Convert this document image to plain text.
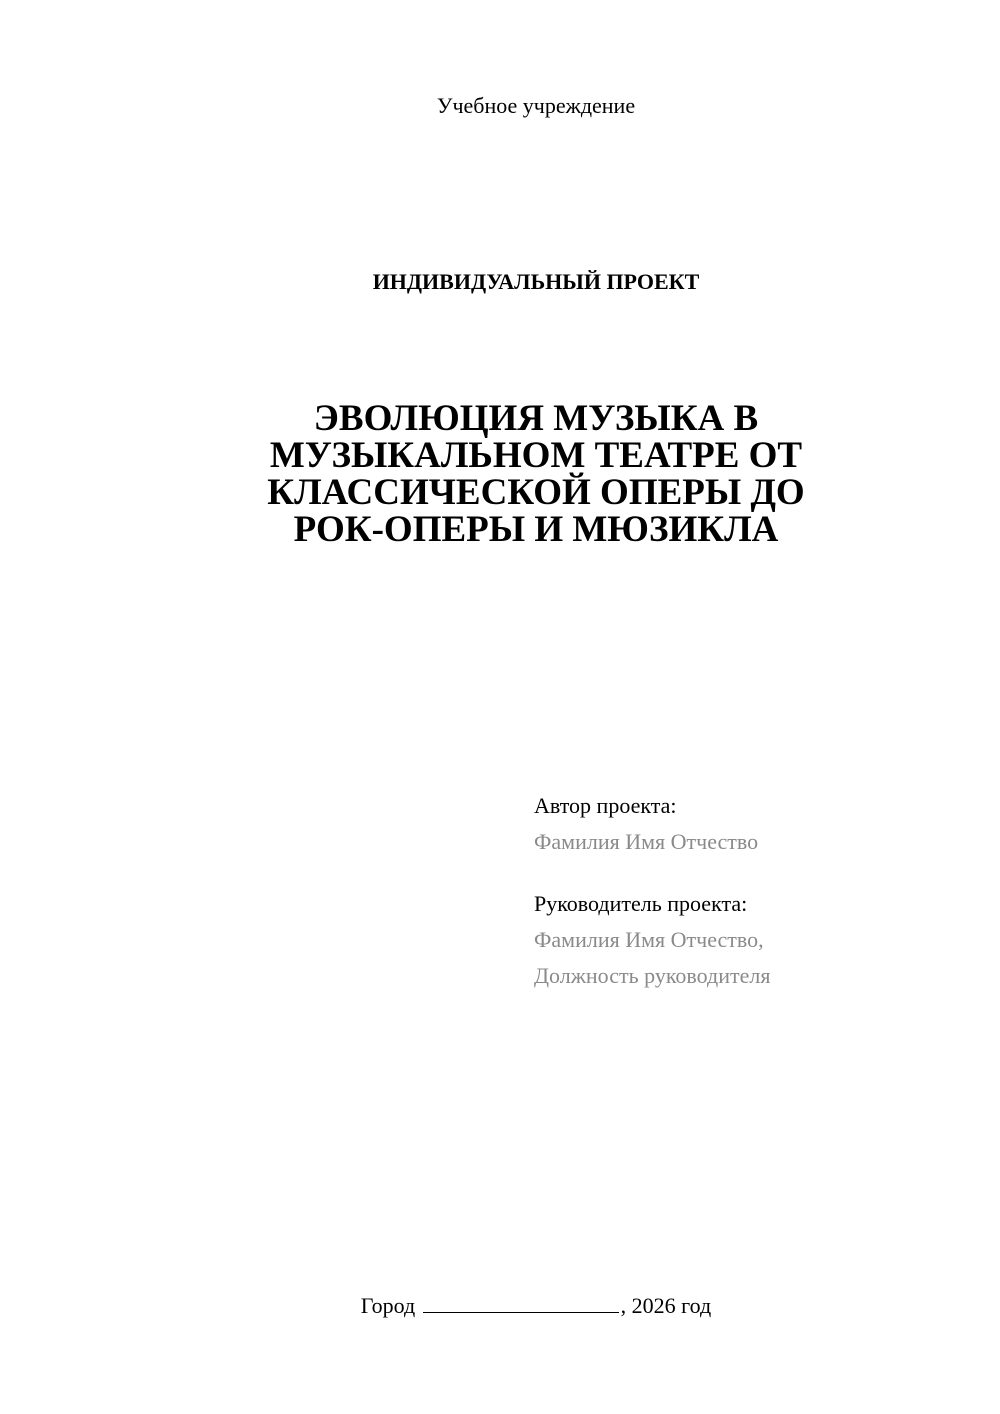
Учебное учреждение
ИНДИВИДУАЛЬНЫЙ ПРОЕКТ
ЭВОЛЮЦИЯ МУЗЫКА В
МУЗЫКАЛЬНОМ ТЕАТРЕ ОТ
КЛАССИЧЕСКОЙ ОПЕРЫ ДО
РОК-ОПЕРЫ И МЮЗИКЛА
Автор проекта:
Фамилия Имя Отчество
Руководитель проекта:
Фамилия Имя Отчество,
Должность руководителя
Город	, 2026 год
